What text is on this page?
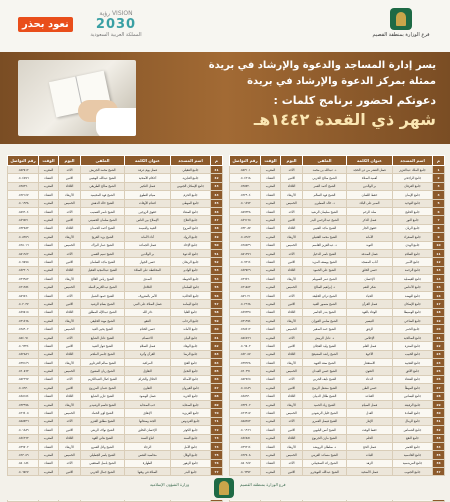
نعود بحذر
رؤية VISION
2030
المملكة العربية السعودية	فرع الوزارة بمنطقة القصيم
يسر إدارة المساجد والدعوة والإرشاد في بريدة
ممثلة بمركز الدعوة والإرشاد في بريدة
دعوتكم لحضور برنامج كلمات :
شهر ذي القعدة ١٤٤٢هـ
م	اسم المسجد	عنوان الكلمة	الملقي	اليوم	الوقت	رقم التواصل
1	جامع الملك عبدالعزيز	فضل العشر من ذي الحجة	د. عبدالله بن محمد	الأحد	المغرب	٠٥٥٣١٠١
2	جامع الراجحي	أهمية الصلاة	الشيخ صالح الحربي	الاثنين	العشاء	٠٥٠٤٢١٨
3	جامع الفرقان	بر الوالدين	الشيخ أحمد العمر	الثلاثاء	المغرب	٠٥٣٨٧٢٠
4	جامع الإيمان	حفظ اللسان	الشيخ فهد السالم	الأربعاء	العشاء	٠٥٦٢٩٠٤
5	جامع التوحيد	الصبر على البلاء	د. خالد المطيري	الخميس	المغرب	٠٥٠١٤٧٣
6	جامع الخليج	صلة الرحم	الشيخ سليمان الرشيد	الأحد	العشاء	٠٥٥٧٣٢٨
7	جامع النور	فضل الذكر	الشيخ عبدالرحمن البدر	الاثنين	المغرب	٠٥٤٩١٦٥
8	جامع الريان	حقوق الجار	الشيخ ماجد العتيبي	الثلاثاء	العشاء	٠٥٣٢٠٨٧
9	جامع الصفراء	الأمانة	الشيخ محمد الغفيلي	الأربعاء	المغرب	٠٥٠٨٦٤٢
10	جامع الهدى	التوبة	د. عبدالعزيز القاسم	الخميس	العشاء	٠٥٦٥٥٣٩
11	جامع السلام	فضل الصدقة	الشيخ ناصر الدخيل	الأحد	المغرب	٠٥٥١٢٧٦
12	جامع الأمير	آداب المسجد	الشيخ يوسف المزيد	الاثنين	العشاء	٠٥٠٧٣١٤
13	جامع الرحمة	حسن الخلق	الشيخ علي الحمود	الثلاثاء	المغرب	٠٥٤٣٨٢٩
14	جامع الفيصلية	الإحسان	الشيخ عمر السويلم	الأربعاء	العشاء	٠٥٣٦٤٩٠
15	جامع الأندلس	شكر النعم	د. إبراهيم الصالح	الخميس	المغرب	٠٥٦١٨٥٣
16	جامع النهضة	الحياء	الشيخ تركي الخليفة	الأحد	العشاء	٠٥٥٩٠٢١
17	جامع الإسكان	فضل القرآن	الشيخ منصور العبيد	الاثنين	المغرب	٠٥٠٢٦٦٨
18	جامع الوسيطا	الوفاء بالعهد	الشيخ بندر الجاسر	الثلاثاء	العشاء	٠٥٤٧٣٣٥
19	جامع الضاحي	التيسير	الشيخ سامي الفوزان	الأربعاء	المغرب	٠٥٣١٩٧٤
20	جامع الحمر	الرفق	الشيخ حمد الصقير	الخميس	العشاء	٠٥٦٨٤١٢
21	جامع الصالحية	الإخلاص	د. عادل الربيش	الأحد	المغرب	٠٥٥٤٥٩٦
22	جامع المنتزه	فضل العلم	الشيخ وليد العجلان	الاثنين	العشاء	٠٥٠٩٨٠٣
23	جامع الخبيب	الأخوة	الشيخ راشد المشيقح	الثلاثاء	المغرب	٠٥٤٢٠٥٧
24	جامع العجيبة	الاستغفار	الشيخ سعد الفهيد	الأربعاء	العشاء	٠٥٣٧٦٢٨
25	جامع الأفق	التقوى	الشيخ حسن العبدان	الخميس	المغرب	٠٥٦٠٣٩١
26	جامع الشفاء	الدعاء	الشيخ نايف الحربي	الأحد	العشاء	٠٥٥٢٧٤٥
27	جامع الموطأ	حسن الظن	الشيخ مشعل الرميح	الاثنين	المغرب	٠٥٠٥١٨٩
28	جامع البساتين	القناعة	الشيخ طلال الدبيان	الثلاثاء	العشاء	٠٥٤٨٦٣٠
29	جامع الرفيعة	فضل الصيام	الشيخ زياد الحميد	الأربعاء	المغرب	٠٥٣٣٤٠٢
30	جامع السادة	العدل	الشيخ خليل الرشودي	الخميس	العشاء	٠٥٦٦٩١٧
31	جامع الرمال	الإيثار	الشيخ فيصل العمري	الأحد	المغرب	٠٥٥٨٢٥٣
32	جامع الشماس	حفظ الوقت	الشيخ أنس البليهي	الاثنين	العشاء	٠٥٠١٩٦٦
33	جامع النقع	الحلم	الشيخ مازن الجربوع	الثلاثاء	المغرب	٠٥٤٤٧٨١
34	جامع الخضر	فضل الحج	د. سلطان الرويشد	الأربعاء	العشاء	٠٥٣٩٢١٤
35	جامع القادسية	الثبات	الشيخ مساعد العريني	الخميس	المغرب	٠٥٦٣٥٠٨
36	جامع المريدسية	الزهد	الشيخ رائد السحيباني	الأحد	العشاء	٠٥٥٠٦٤٧
37	جامع الجنوب	فضل الأضحية	الشيخ عبدالله التويجري	الاثنين	المغرب	٠٥٠٦٣٧٢

م	اسم المسجد	عنوان الكلمة	الملقي	اليوم	الوقت	رقم التواصل
41	جامع العقيلي	فضل يوم عرفة	الشيخ محمد الجريش	الأحد	المغرب	٠٥٥٣٨١٢
42	جامع الفايزية	أحكام الأضحية	الشيخ عبدالله الوهيبي	الاثنين	العشاء	٠٥٠٤٥٧٦
43	جامع الإسكان الجنوبي	فضل التكبير	الشيخ صالح الطريقي	الثلاثاء	المغرب	٠٥٣٨٢٩٠
44	جامع الحزم	صيام التطوع	الشيخ فهد المحيميد	الأربعاء	العشاء	٠٥٦٢١٤٧
45	جامع الموطى	اغتنام الأوقات	الشيخ خالد الدهش	الخميس	المغرب	٠٥٠١٩٣٨
46	جامع الصفاء	حقوق الزوجين	الشيخ ناصر العضيب	الأحد	العشاء	٠٥٥٧٦٠٤
47	جامع الفلاح	الإصلاح بين الناس	الشيخ سلمان الحسيني	الاثنين	المغرب	٠٥٤٩٥٢١
48	جامع المروج	الغيبة والنميمة	الشيخ أحمد الحمدان	الثلاثاء	العشاء	٠٥٣٢٧٨٣
49	جامع الرواد	أداء الأمانة	الشيخ يزيد الفريح	الأربعاء	المغرب	٠٥٠٨٣٥٩
50	جامع الإخاء	فضل الجماعة	الشيخ عمار البراك	الخميس	العشاء	٠٥٦٥٠١٦
51	جامع الدعوة	بر الوالدين	الشيخ تميم الغصن	الأحد	المغرب	٠٥٥١٦٤٢
52	جامع الريحان	حسن الجوار	الشيخ ماجد السلمان	الاثنين	العشاء	٠٥٠٧٨٧٥
53	جامع الوادي	المحافظة على الصلاة	الشيخ عبدالمجيد العقيل	الثلاثاء	المغرب	٠٥٤٣٢٠٩
54	جامع الحوطة	الصدق	الشيخ رياض الفالح	الأربعاء	العشاء	٠٥٣٦٩٥٣
55	جامع السلمان	التكافل	الشيخ عبدالكريم النملة	الخميس	المغرب	٠٥٦١٣٨٤
56	جامع الخالدية	الأمر بالمعروف	الشيخ حمود الشبل	الأحد	العشاء	٠٥٥٩٥٦٠
57	جامع اليمامة	فضل الصلاة على النبي	الشيخ بسام الرشيد	الاثنين	المغرب	٠٥٠٢٠٣٧
58	جامع العليا	ذكر الله	الشيخ عبدالإله المطلق	الثلاثاء	العشاء	٠٥٤٧٨١٥
59	جامع الرحاب	العفو	الشيخ مهند الخليفي	الأربعاء	المغرب	٠٥٣١٤٦٨
60	جامع الأمانة	حسن الختام	الشيخ يحيى العيد	الخميس	العشاء	٠٥٦٨٩٠٢
61	جامع البيان	الاعتصام	الشيخ عادل الشايع	الأحد	المغرب	٠٥٥٤٠٧١
62	جامع الوفاء	فضل السلام	الشيخ فواز العبيد	الاثنين	العشاء	٠٥٠٩٣٢٤
63	جامع الرضا	القرآن وأثره	الشيخ جاسر الملحم	الثلاثاء	المغرب	٠٥٤٢٥٨٦
64	جامع الفتح	المراقبة	الشيخ سالم القرعاوي	الأربعاء	العشاء	٠٥٣٧١٤٩
65	جامع النخيل	التفاؤل	الشيخ ريان المشوح	الخميس	المغرب	٠٥٦٠٨٦٣
66	جامع الأصالة	الحلال والحرام	الشيخ كمال العبدالكريم	الأحد	العشاء	٠٥٥٢٢٩٧
67	جامع القيروان	التعاون	الشيخ عثمان المزروع	الاثنين	المغرب	٠٥٠٥٦٣٠
68	جامع الحرية	فضل الوضوء	الشيخ غازي الشايع	الثلاثاء	العشاء	٠٥٤٨١٥٤
69	جامع الصحابة	حب الصحابة	الشيخ قاسم الرشيدي	الأربعاء	المغرب	٠٥٣٣٩٧٨
70	جامع العزيزية	الإنفاق	الشيخ لؤي الحماد	الخميس	العشاء	٠٥٦٦٤٠٥
71	جامع الفردوس	الجنة وصفاتها	الشيخ مطلق العنزي	الأحد	المغرب	٠٥٥٨٧٣٦
72	جامع الكوثر	الإحسان للخلق	الشيخ نواف الربعي	الاثنين	العشاء	٠٥٠١٤٨٩
73	جامع السنة	اتباع السنة	الشيخ هاني الفهد	الثلاثاء	المغرب	٠٥٤٤٢٦٣
74	جامع الأمل	الرجاء	الشيخ وائل العمرو	الأربعاء	العشاء	٠٥٣٩٧٠٢
75	جامع الهلال	محاسبة النفس	الشيخ ياسر الجطيلي	الخميس	المغرب	٠٥٦٣٠٥٩
76	جامع الزهور	الطهارة	الشيخ باسل الصقعبي	الأحد	العشاء	٠٥٥٠١٨٤
77	جامع البدر	الصلاة في وقتها	الشيخ جمال الحربي	الاثنين	المغرب	٠٥٠٦٨٢٧

وزارة الشؤون الإسلامية	فرع الوزارة بمنطقة القصيم
